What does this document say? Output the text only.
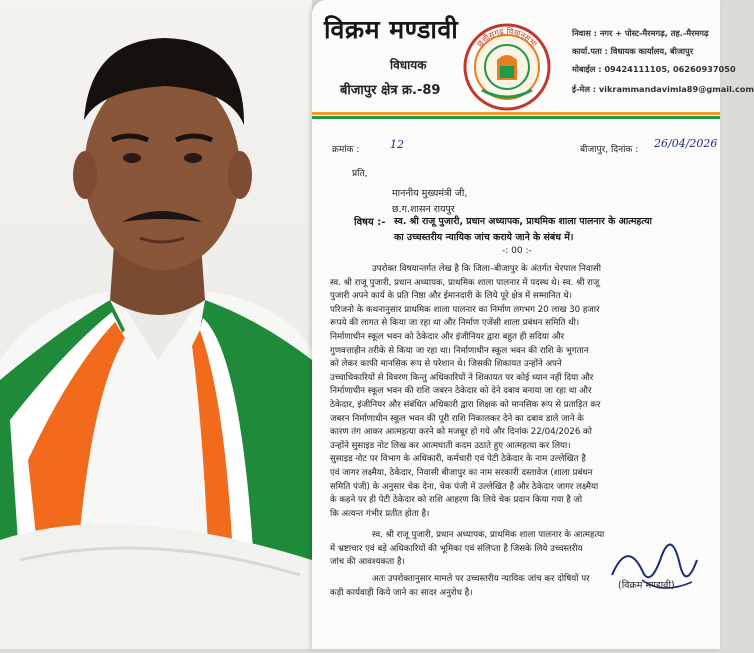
विक्रम मण्डावी
विधायक
बीजापुर क्षेत्र क्र.-89
छत्तीसगढ़ विधानसभा
निवास : नगर + पोस्ट-मैरमगढ़, तह.-मैरमगढ़
कार्या.पता : विधायक कार्यालय, बीजापुर
मोबाईल : 09424111105, 06260937050
ई-मेल : vikrammandavimla89@gmail.com
क्रमांक :	12	बीजापुर, दिनांक : 26/04/2026
प्रति,
माननीय मुख्यमंत्री जी,
छ.ग.शासन रायपुर
विषय :- स्व. श्री राजू पुजारी, प्रधान अध्यापक, प्राथमिक शाला पालनार के आत्महत्या
का उच्चस्तरीय न्यायिक जांच कराये जाने के संबंध में।
-: 00 :-
उपरोक्त विषयान्तर्गत लेख है कि जिला–बीजापुर के अंतर्गत चेरपाल निवासी
स्व. श्री राजू पुजारी, प्रधान अध्यापक, प्राथमिक शाला पालनार में पदस्थ थे। स्व. श्री राजू
पुजारी अपने कार्य के प्रति निष्ठा और ईमानदारी के लिये पूरे क्षेत्र में सम्मानित थे।
परिजनो के कथनानुसार प्राथमिक शाला पालनार का निर्माण लगभग 20 लाख 30 हजार
रूपये की लागत से किया जा रहा था और निर्माण एजेंसी शाला प्रबंधन समिति थी।
निर्माणाधीन स्कूल भवन को ठेकेदार और इंजीनियर द्वारा बहुत ही सदिया और
गुणवत्ताहीन तरीके से किया जा रहा था। निर्माणाधीन स्कूल भवन की राशि के भुगतान
को लेकर काफी मानसिक रूप से परेशान थे। जिसकी शिकायत उन्होंने अपने
उच्चाधिकारियों से विवरण किन्तु अधिकारियों ने शिकायत पर कोई ध्यान नहीं दिया और
निर्माणाधीन स्कूल भवन की राशि जबरन ठेकेदार को देने दबाव बनाया जा रहा था और
ठेकेदार, इंजीनियर और संबंधित अधिकारी द्वारा शिक्षक को मानसिक रूप से प्रताड़ित कर
जबरन निर्माणाधीन स्कूल भवन की पूरी राशि निकालकर देने का दबाव डाले जाने के
कारण तंग आकर आत्महत्या करने को मजबूर हो गये और दिनांक 22/04/2026 को
उन्होंने सुसाइड नोट लिख कर आत्मघाती कदम उठाते हुए आत्महत्या कर लिया।
सुसाइड नोट पर विभाग के अधिकारी, कर्मचारी एवं पेटी ठेकेदार के नाम उल्लेखित है
एवं जागर लक्ष्मैया, ठेकेदार, निवासी बीजापुर का नाम सरकारी दस्तावेज (शाला प्रबंधन
समिति पंजी) के अनुसार चेक देना, चेक पंजी में उल्लेखित है और ठेकेदार जागर लक्ष्मैया
के कहने पर ही पेटी ठेकेदार को राशि आहरण कि लिये चेक प्रदान किया गया है जो
कि अत्यन्त गंभीर प्रतीत होता है।
स्व. श्री राजू पुजारी, प्रधान अध्यापक, प्राथमिक शाला पालनार के आत्महत्या
में भ्रष्टाचार एवं बड़े अधिकारियों की भूमिका एवं संलिप्ता है जिसके लिये उच्चस्तरीय
जांच की आवश्यकता है।
अतः उपरोक्तानुसार मामले पर उच्चस्तरीय न्यायिक जांच कर दोषियों पर
कड़ी कार्यवाही किये जाने का सादर अनुरोध है।
(विक्रम मण्डावी)
